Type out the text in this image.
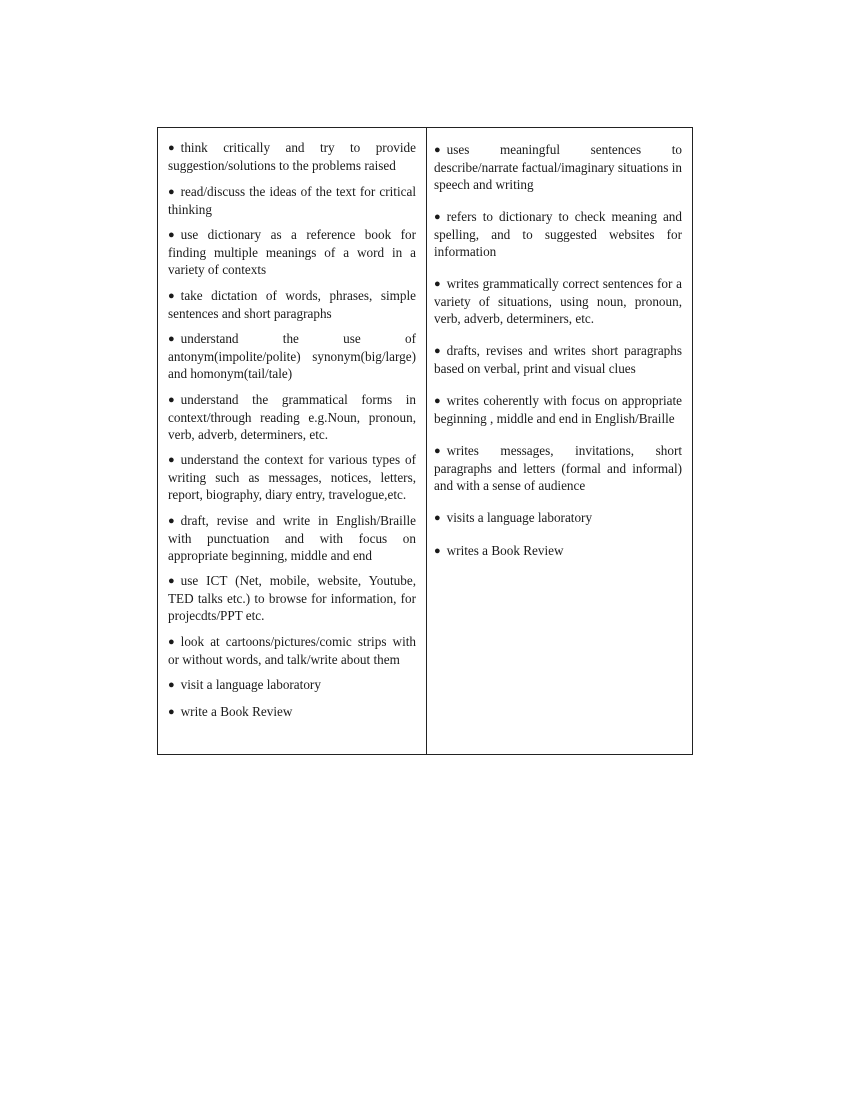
● think critically and try to provide suggestion/solutions to the problems raised

● read/discuss the ideas of the text for critical thinking

● use dictionary as a reference book for finding multiple meanings of a word in a variety of contexts

● take dictation of words, phrases, simple sentences and short paragraphs

● understand the use of antonym(impolite/polite) synonym(big/large) and homonym(tail/tale)

● understand the grammatical forms in context/through reading e.g.Noun, pronoun, verb, adverb, determiners, etc.

● understand the context for various types of writing such as messages, notices, letters, report, biography, diary entry, travelogue,etc.

● draft, revise and write in English/Braille with punctuation and with focus on appropriate beginning, middle and end

● use ICT (Net, mobile, website, Youtube, TED talks etc.) to browse for information, for projecdts/PPT etc.

● look at cartoons/pictures/comic strips with or without words, and talk/write about them

● visit a language laboratory

● write a Book Review

● uses meaningful sentences to describe/narrate factual/imaginary situations in speech and writing

● refers to dictionary to check meaning and spelling, and to suggested websites for information

● writes grammatically correct sentences for a variety of situations, using noun, pronoun, verb, adverb, determiners, etc.

● drafts, revises and writes short paragraphs based on verbal, print and visual clues

● writes coherently with focus on appropriate beginning , middle and end in English/Braille

● writes messages, invitations, short paragraphs and letters (formal and informal) and with a sense of audience

● visits a language laboratory

● writes a Book Review
